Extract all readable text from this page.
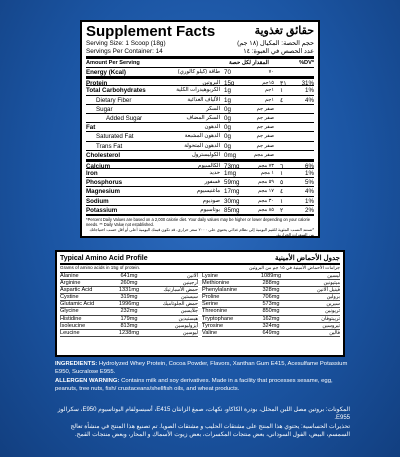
Supplement Facts	حقائق تغذوية
Serving Size: 1 Scoop (18g)	حجم الحصة: المكيال (١٨ جم)
Servings Per Container: 14	عدد الحصص في العبوة: ١٤
Amount Per Serving	المقدار لكل حصة	%DV*
Energy (Kcal)	طاقة (كيلو كالوري) 70	٧٠
Protein	البروتين 15g	١٥جم ٣١ 31%
Total Carbohydrates	الكربوهيدرات الكلية 1g	١جم ١	1%
Dietary Fiber	الألياف الغذائية 1g	١جم ٤	4%
Sugar	السكر 0g	صفر جم
Added Sugar	السكر المضاف 0g	صفر جم
Fat	الدهون 0g	صفر جم
Saturated Fat	الدهون المشبعة 0g	صفر جم
Trans Fat	الدهون المتحولة 0g	صفر جم
Cholesterol	الكوليسترول 0mg	صفر مجم
Calcium	الكالسيوم 73mg	٧٣ مجم ٦	6%
Iron	حديد 1mg	١ مجم ١	1%
Phosphorus	فسفور 59mg	٥٩ مجم ٥	5%
Magnesium	ماغنيسيوم 17mg	١٧ مجم ٤	4%
Sodium	صوديوم 30mg	٣٠ مجم ١	1%
Potassium	بوتاسيوم 85mg	٨٥ مجم ٢	2%
*Percent Daily Values are based on a 2,000 calorie diet. Your daily values may be higher or lower depending on your calorie needs. ** Daily Value not established.
*تستند النسب المئوية للقيم اليومية إلى نظام غذائي يحتوي على ٢٠٠٠ سعر حراري. قد تكون قيمك اليومية أعلى أو أقل حسب احتياجاتك من السعرات الحرارية.
Typical Amino Acid Profile	جدول الأحماض الأمينية
Grams of amino acids in 15g of protein.	جرامات الأحماض الأمينية في ١٥ جم من البروتين
Alanine	641mg	ألانين
Arginine	260mg	أرجينين
Aspartic Acid	1331mg	حمض الأسبارتيك
Cystine	319mg	سيستين
Glutamic Acid	1996mg	حمض الجلوتاميك
Glycine	232mg	جلايسين
Histidine	179mg	هيستيدين
Isoleucine	813mg	أيزوليوسين
Leucine	1238mg	ليوسين
Lysine	1089mg	ليسين
Methionine	288mg	ميثيونين
Phenylalanine	328mg	فينيل ألانين
Proline	706mg	برولين
Serine	573mg	سيرين
Threonine	850mg	ثريونين
Tryptophane	162mg	تريبتوفان
Tyrosine	324mg	تيروسين
Valine	649mg	فالين
INGREDIENTS: Hydrolyzed Whey Protein, Cocoa Powder, Flavors, Xanthan Gum E415, Acesulfame Potassium E950, Sucralose E955.
ALLERGEN WARNING: Contains milk and soy derivatives. Made in a facility that processes sesame, egg, peanuts, tree nuts, fish/ crustaceans/shellfish oils, and wheat products.
المكونات: بروتين مصل اللبن المحلل، بودرة الكاكاو، نكهات، صمغ الزانثان E415، أسيسولفام البوتاسيوم E950، سكرالوز E955.
تحذيرات الحساسية: يحتوي هذا المنتج على مشتقات الحليب و مشتقات الصويا. تم تصنيع هذا المنتج في منشأة تعالج السمسم، البيض، الفول السوداني، بعض منتجات المكسرات، بعض زيوت الأسماك و المحار، وبعض منتجات القمح.
